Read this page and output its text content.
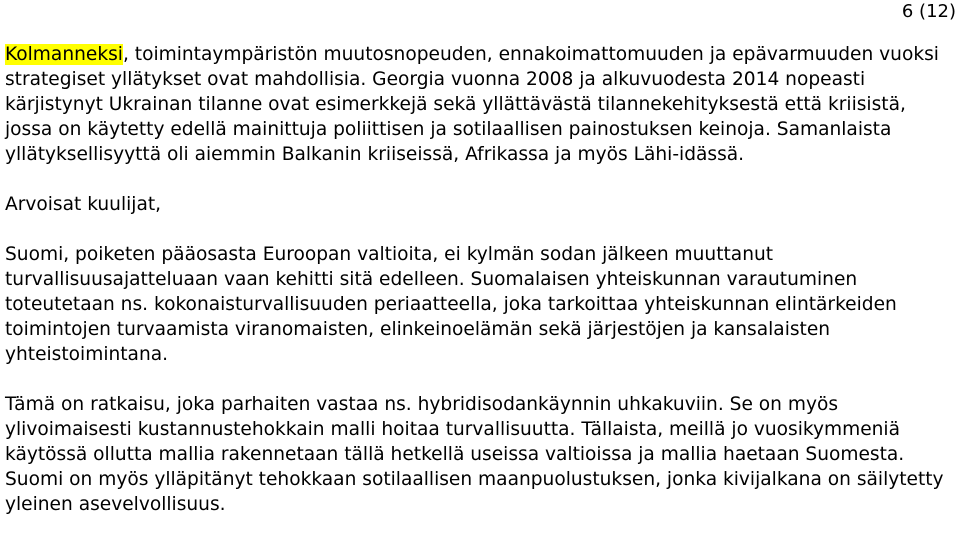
6 (12)

Kolmanneksi, toimintaympäristön muutosnopeuden, ennakoimattomuuden ja epävarmuuden vuoksi strategiset yllätykset ovat mahdollisia. Georgia vuonna 2008 ja alkuvuodesta 2014 nopeasti kärjistynyt Ukrainan tilanne ovat esimerkkejä sekä yllättävästä tilannekehityksestä että kriisistä, jossa on käytetty edellä mainittuja poliittisen ja sotilaallisen painostuksen keinoja. Samanlaista yllätyksellisyyttä oli aiemmin Balkanin kriiseissä, Afrikassa ja myös Lähi-idässä.

Arvoisat kuulijat,

Suomi, poiketen pääosasta Euroopan valtioita, ei kylmän sodan jälkeen muuttanut turvallisuusajatteluaan vaan kehitti sitä edelleen. Suomalaisen yhteiskunnan varautuminen toteutetaan ns. kokonaisturvallisuuden periaatteella, joka tarkoittaa yhteiskunnan elintärkeiden toimintojen turvaamista viranomaisten, elinkeinoelämän sekä järjestöjen ja kansalaisten yhteistoimintana.

Tämä on ratkaisu, joka parhaiten vastaa ns. hybridisodankäynnin uhkakuviin. Se on myös ylivoimaisesti kustannustehokkain malli hoitaa turvallisuutta. Tällaista, meillä jo vuosikymmeniä käytössä ollutta mallia rakennetaan tällä hetkellä useissa valtioissa ja mallia haetaan Suomesta. Suomi on myös ylläpitänyt tehokkaan sotilaallisen maanpuolustuksen, jonka kivijalkana on säilytetty yleinen asevelvollisuus.
